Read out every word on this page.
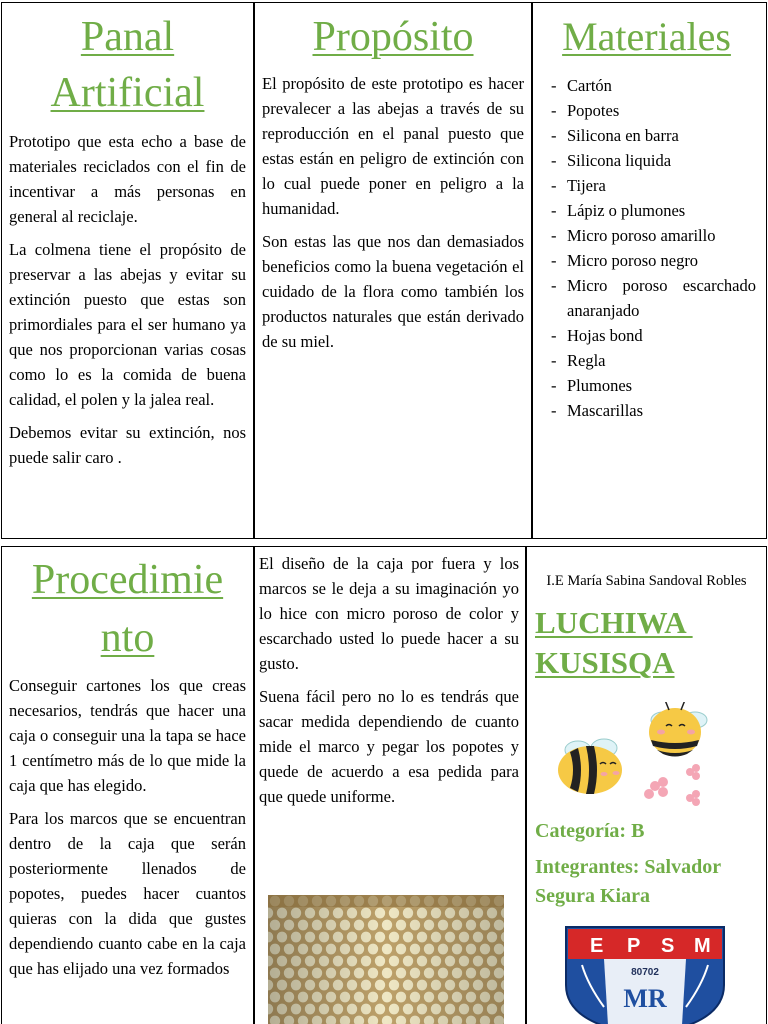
Panal
Artificial

Prototipo que esta echo a base de materiales reciclados con el fin de incentivar a más personas en general al reciclaje.

La colmena tiene el propósito de preservar a las abejas y evitar su extinción puesto que estas son primordiales para el ser humano ya que nos proporcionan varias cosas como lo es la comida de buena calidad, el polen y la jalea real.

Debemos evitar su extinción, nos puede salir caro .

Propósito

El propósito de este prototipo es hacer prevalecer a las abejas a través de su reproducción en el panal puesto que estas están en peligro de extinción con lo cual puede poner en peligro a la humanidad.

Son estas las que nos dan demasiados beneficios como la buena vegetación el cuidado de la flora como también los productos naturales que están derivado de su miel.

Materiales
- Cartón
- Popotes
- Silicona en barra
- Silicona liquida
- Tijera
- Lápiz o plumones
- Micro poroso amarillo
- Micro poroso negro
- Micro poroso escarchado anaranjado
- Hojas bond
- Regla
- Plumones
- Mascarillas
Procedimie
nto

Conseguir cartones los que creas necesarios, tendrás que hacer una caja o conseguir una la tapa se hace 1 centímetro más de lo que mide la caja que has elegido.

Para los marcos que se encuentran dentro de la caja que serán posteriormente llenados de popotes, puedes hacer cuantos quieras con la dida que gustes dependiendo cuanto cabe en la caja que has elijado una vez formados

El diseño de la caja por fuera y los marcos se le deja a su imaginación yo lo hice con micro poroso de color y escarchado usted lo puede hacer a su gusto.

Suena fácil pero no lo es tendrás que sacar medida dependiendo de cuanto mide el marco y pegar los popotes y quede de acuerdo a esa pedida para que quede uniforme.

I.E María Sabina Sandoval Robles
LUCHIWA
KUSISQA
Categoría: B
Integrantes: Salvador Segura Kiara
E P S M
80702
MR
